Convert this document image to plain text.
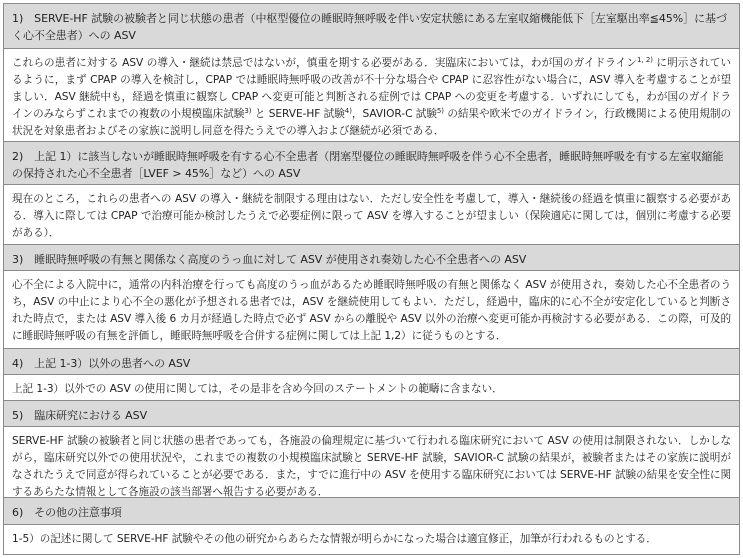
1)　SERVE-HF 試験の被験者と同じ状態の患者（中枢型優位の睡眠時無呼吸を伴い安定状態にある左室収縮機能低下［左室駆出率≦45%］に基づく心不全患者）への ASV
これらの患者に対する ASV の導入・継続は禁忌ではないが，慎重を期する必要がある．実臨床においては，わが国のガイドライン$^{1, 2)}$ に明示されているように，まず CPAP の導入を検討し，CPAP では睡眠時無呼吸の改善が不十分な場合や CPAP に忍容性がない場合に，ASV 導入を考慮することが望ましい．ASV 継続中も，経過を慎重に観察し CPAP へ変更可能と判断される症例では CPAP への変更を考慮する．いずれにしても，わが国のガイドラインのみならずこれまでの複数の小規模臨床試験$^{3)}$ と SERVE-HF 試験$^{4)}$，SAVIOR-C 試験$^{5)}$ の結果や欧米でのガイドライン，行政機関による使用規制の状況を対象患者およびその家族に説明し同意を得たうえでの導入および継続が必須である．
2)　上記 1）に該当しないが睡眠時無呼吸を有する心不全患者（閉塞型優位の睡眠時無呼吸を伴う心不全患者，睡眠時無呼吸を有する左室収縮能の保持された心不全患者［LVEF > 45%］など）への ASV
現在のところ，これらの患者への ASV の導入・継続を制限する理由はない．ただし安全性を考慮して，導入・継続後の経過を慎重に観察する必要がある．導入に際しては CPAP で治療可能か検討したうえで必要症例に限って ASV を導入することが望ましい（保険適応に関しては，個別に考慮する必要がある）．
3)　睡眠時無呼吸の有無と関係なく高度のうっ血に対して ASV が使用され奏効した心不全患者への ASV
心不全による入院中に，通常の内科治療を行っても高度のうっ血があるため睡眠時無呼吸の有無と関係なく ASV が使用され，奏効した心不全患者のうち，ASV の中止により心不全の悪化が予想される患者では，ASV を継続使用してもよい．ただし，経過中，臨床的に心不全が安定化していると判断された時点で，または ASV 導入後 6 カ月が経過した時点で必ず ASV からの離脱や ASV 以外の治療へ変更可能か再検討する必要がある．この際，可及的に睡眠時無呼吸の有無を評価し，睡眠時無呼吸を合併する症例に関しては上記 1,2）に従うものとする．
4)　上記 1-3）以外の患者への ASV
上記 1-3）以外での ASV の使用に関しては，その是非を含め今回のステートメントの範疇に含まない．
5)　臨床研究における ASV
SERVE-HF 試験の被験者と同じ状態の患者であっても，各施設の倫理規定に基づいて行われる臨床研究において ASV の使用は制限されない．しかしながら，臨床研究以外での使用状況や，これまでの複数の小規模臨床試験と SERVE-HF 試験，SAVIOR-C 試験の結果が，被験者またはその家族に説明がなされたうえで同意が得られていることが必要である．また，すでに進行中の ASV を使用する臨床研究においては SERVE-HF 試験の結果を安全性に関するあらたな情報として各施設の該当部署へ報告する必要がある．
6)　その他の注意事項
1-5）の記述に関して SERVE-HF 試験やその他の研究からあらたな情報が明らかになった場合は適宜修正，加筆が行われるものとする．
